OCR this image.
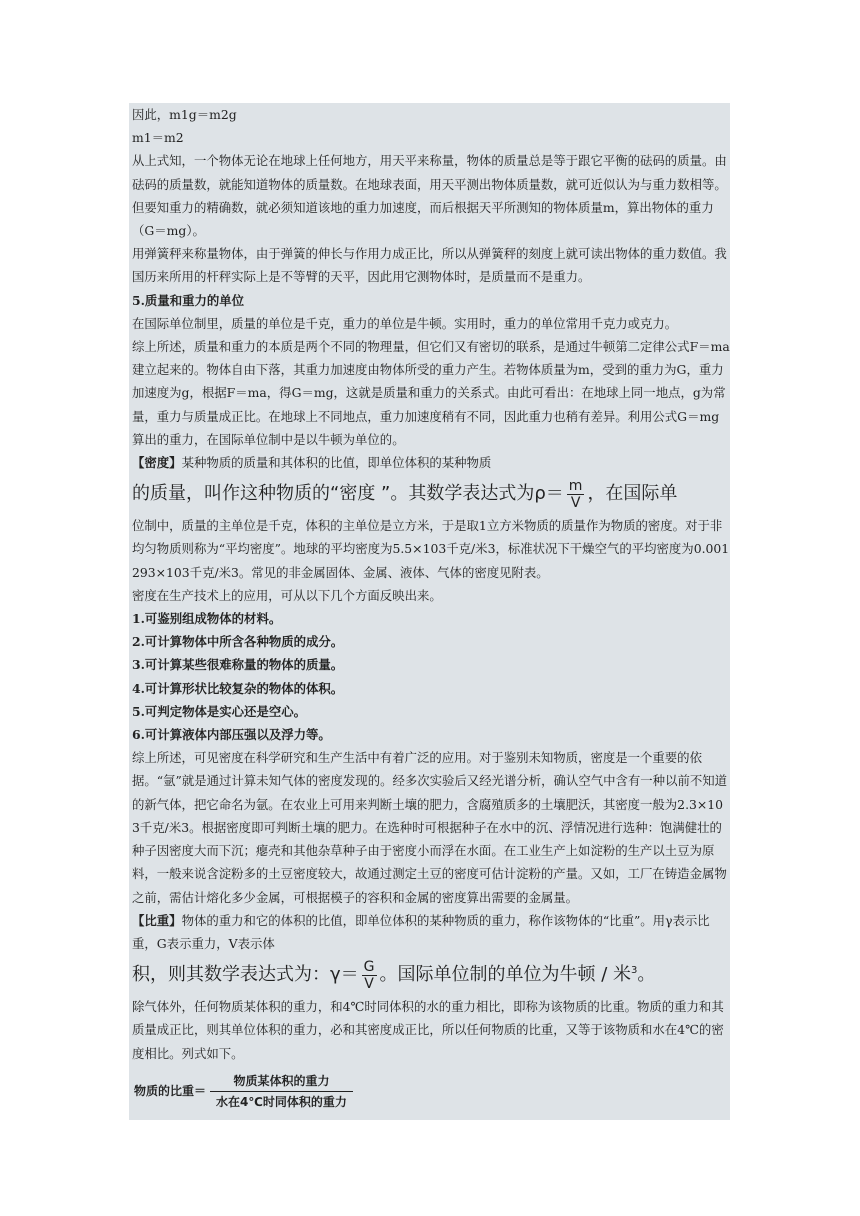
因此，m1g＝m2g

m1＝m2

从上式知，一个物体无论在地球上任何地方，用天平来称量，物体的质量总是等于跟它平衡的砝码的质量。由砝码的质量数，就能知道物体的质量数。在地球表面，用天平测出物体质量数，就可近似认为与重力数相等。但要知重力的精确数，就必须知道该地的重力加速度，而后根据天平所测知的物体质量m，算出物体的重力（G＝mg）。

用弹簧秤来称量物体，由于弹簧的伸长与作用力成正比，所以从弹簧秤的刻度上就可读出物体的重力数值。我国历来所用的杆秤实际上是不等臂的天平，因此用它测物体时，是质量而不是重力。

5.质量和重力的单位

在国际单位制里，质量的单位是千克，重力的单位是牛顿。实用时，重力的单位常用千克力或克力。

综上所述，质量和重力的本质是两个不同的物理量，但它们又有密切的联系，是通过牛顿第二定律公式F＝ma建立起来的。物体自由下落，其重力加速度由物体所受的重力产生。若物体质量为m，受到的重力为G，重力加速度为g，根据F＝ma，得G＝mg，这就是质量和重力的关系式。由此可看出：在地球上同一地点，g为常量，重力与质量成正比。在地球上不同地点，重力加速度稍有不同，因此重力也稍有差异。利用公式G＝mg算出的重力，在国际单位制中是以牛顿为单位的。

【密度】某种物质的质量和其体积的比值，即单位体积的某种物质

的质量，叫作这种物质的“密度 ”。其数学表达式为$\rho= \frac{m}{V}$ ，在国际单

位制中，质量的主单位是千克，体积的主单位是立方米，于是取1立方米物质的质量作为物质的密度。对于非均匀物质则称为“平均密度”。地球的平均密度为5.5×103千克/米3，标准状况下干燥空气的平均密度为0.001293×103千克/米3。常见的非金属固体、金属、液体、气体的密度见附表。

密度在生产技术上的应用，可从以下几个方面反映出来。

1.可鉴别组成物体的材料。

2.可计算物体中所含各种物质的成分。

3.可计算某些很难称量的物体的质量。

4.可计算形状比较复杂的物体的体积。

5.可判定物体是实心还是空心。

6.可计算液体内部压强以及浮力等。

综上所述，可见密度在科学研究和生产生活中有着广泛的应用。对于鉴别未知物质，密度是一个重要的依据。“氩”就是通过计算未知气体的密度发现的。经多次实验后又经光谱分析，确认空气中含有一种以前不知道的新气体，把它命名为氩。在农业上可用来判断土壤的肥力，含腐殖质多的土壤肥沃，其密度一般为2.3×103千克/米3。根据密度即可判断土壤的肥力。在选种时可根据种子在水中的沉、浮情况进行选种：饱满健壮的种子因密度大而下沉；瘪壳和其他杂草种子由于密度小而浮在水面。在工业生产上如淀粉的生产以土豆为原料，一般来说含淀粉多的土豆密度较大，故通过测定土豆的密度可估计淀粉的产量。又如，工厂在铸造金属物之前，需估计熔化多少金属，可根据模子的容积和金属的密度算出需要的金属量。

【比重】物体的重力和它的体积的比值，即单位体积的某种物质的重力，称作该物体的“比重”。用γ表示比重，G表示重力，V表示体

积，则其数学表达式为：$\gamma= \frac{G}{V}$ 。国际单位制的单位为牛顿 / 米$^3$。

除气体外，任何物质某体积的重力，和4℃时同体积的水的重力相比，即称为该物质的比重。物质的重力和其质量成正比，则其单位体积的重力，必和其密度成正比，所以任何物质的比重，又等于该物质和水在4℃的密度相比。列式如下。

物质的比重＝
物质某体积的重力
水在4℃时同体积的重力
